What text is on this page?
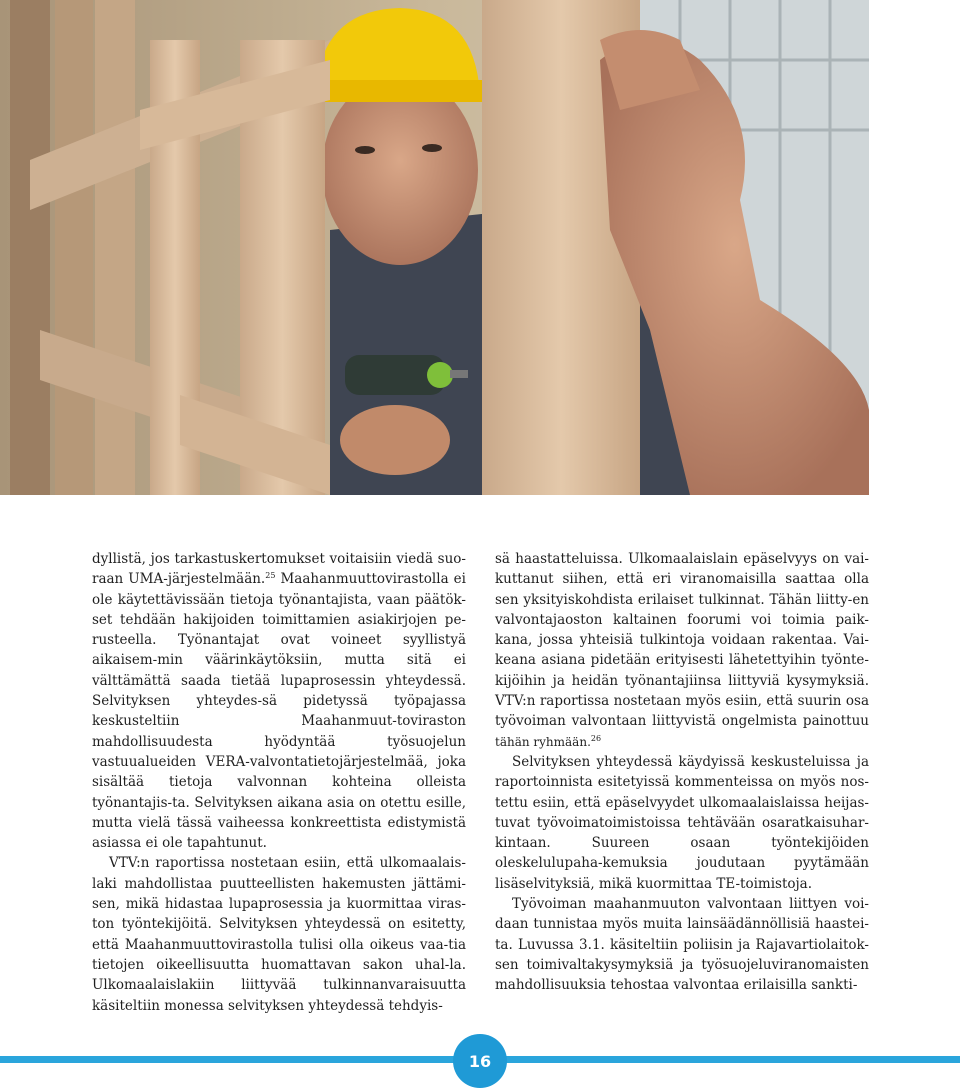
dyllistä, jos tarkastuskertomukset voitaisiin viedä suo-raan UMA-järjestelmään.$^{25}$ Maahanmuuttovirastolla ei ole käytettävissään tietoja työnantajista, vaan päätök-set tehdään hakijoiden toimittamien asiakirjojen pe-rusteella. Työnantajat ovat voineet syyllistyä aikaisem-min väärinkäytöksiin, mutta sitä ei välttämättä saada tietää lupaprosessin yhteydessä. Selvityksen yhteydes-sä pidetyssä työpajassa keskusteltiin Maahanmuut-toviraston mahdollisuudesta hyödyntää työsuojelun vastuualueiden VERA-valvontatietojärjestelmää, joka sisältää tietoja valvonnan kohteina olleista työnantajis-ta. Selvityksen aikana asia on otettu esille, mutta vielä tässä vaiheessa konkreettista edistymistä asiassa ei ole tapahtunut.

VTV:n raportissa nostetaan esiin, että ulkomaalais-laki mahdollistaa puutteellisten hakemusten jättämi-sen, mikä hidastaa lupaprosessia ja kuormittaa viras-ton työntekijöitä. Selvityksen yhteydessä on esitetty, että Maahanmuuttovirastolla tulisi olla oikeus vaa-tia tietojen oikeellisuutta huomattavan sakon uhal-la. Ulkomaalaislakiin liittyvää tulkinnanvaraisuutta käsiteltiin monessa selvityksen yhteydessä tehdyis-

sä haastatteluissa. Ulkomaalaislain epäselvyys on vai-kuttanut siihen, että eri viranomaisilla saattaa olla sen yksityiskohdista erilaiset tulkinnat. Tähän liitty-en valvontajaoston kaltainen foorumi voi toimia paik-kana, jossa yhteisiä tulkintoja voidaan rakentaa. Vai-keana asiana pidetään erityisesti lähetettyihin työnte-kijöihin ja heidän työnantajiinsa liittyviä kysymyksiä. VTV:n raportissa nostetaan myös esiin, että suurin osa työvoiman valvontaan liittyvistä ongelmista painottuu tähän ryhmään.$^{26}$

Selvityksen yhteydessä käydyissä keskusteluissa ja raportoinnista esitetyissä kommenteissa on myös nos-tettu esiin, että epäselvyydet ulkomaalaislaissa heijas-tuvat työvoimatoimistoissa tehtävään osaratkaisuhar-kintaan. Suureen osaan työntekijöiden oleskelulupaha-kemuksia joudutaan pyytämään lisäselvityksiä, mikä kuormittaa TE-toimistoja.

Työvoiman maahanmuuton valvontaan liittyen voi-daan tunnistaa myös muita lainsäädännöllisiä haastei-ta. Luvussa 3.1. käsiteltiin poliisin ja Rajavartiolaitok-sen toimivaltakysymyksiä ja työsuojeluviranomaisten mahdollisuuksia tehostaa valvontaa erilaisilla sankti-

16
